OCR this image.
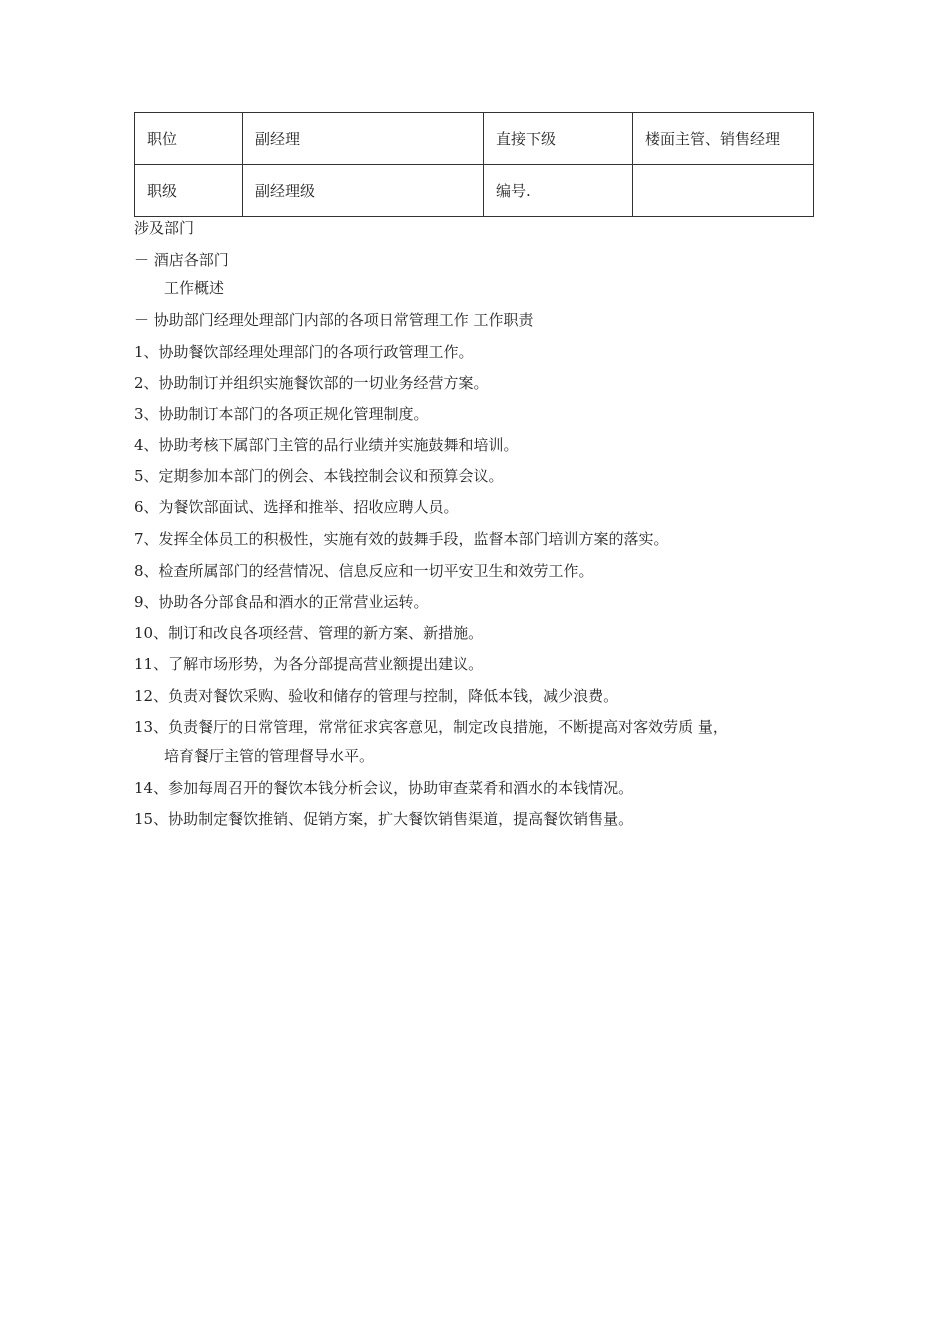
职位	副经理	直接下级	楼面主管、销售经理
职级	副经理级	编号.	
涉及部门
－ 酒店各部门
工作概述
－ 协助部门经理处理部门内部的各项日常管理工作 工作职责
1、协助餐饮部经理处理部门的各项行政管理工作。
2、协助制订并组织实施餐饮部的一切业务经营方案。
3、协助制订本部门的各项正规化管理制度。
4、协助考核下属部门主管的品行业绩并实施鼓舞和培训。
5、定期参加本部门的例会、本钱控制会议和预算会议。
6、为餐饮部面试、选择和推举、招收应聘人员。
7、发挥全体员工的积极性，实施有效的鼓舞手段，监督本部门培训方案的落实。
8、检查所属部门的经营情况、信息反应和一切平安卫生和效劳工作。
9、协助各分部食品和酒水的正常营业运转。
10、制订和改良各项经营、管理的新方案、新措施。
11、了解市场形势，为各分部提高营业额提出建议。
12、负责对餐饮采购、验收和储存的管理与控制，降低本钱，减少浪费。
13、负责餐厅的日常管理，常常征求宾客意见，制定改良措施，不断提高对客效劳质 量，
培育餐厅主管的管理督导水平。
14、参加每周召开的餐饮本钱分析会议，协助审查菜肴和酒水的本钱情况。
15、协助制定餐饮推销、促销方案，扩大餐饮销售渠道，提高餐饮销售量。
